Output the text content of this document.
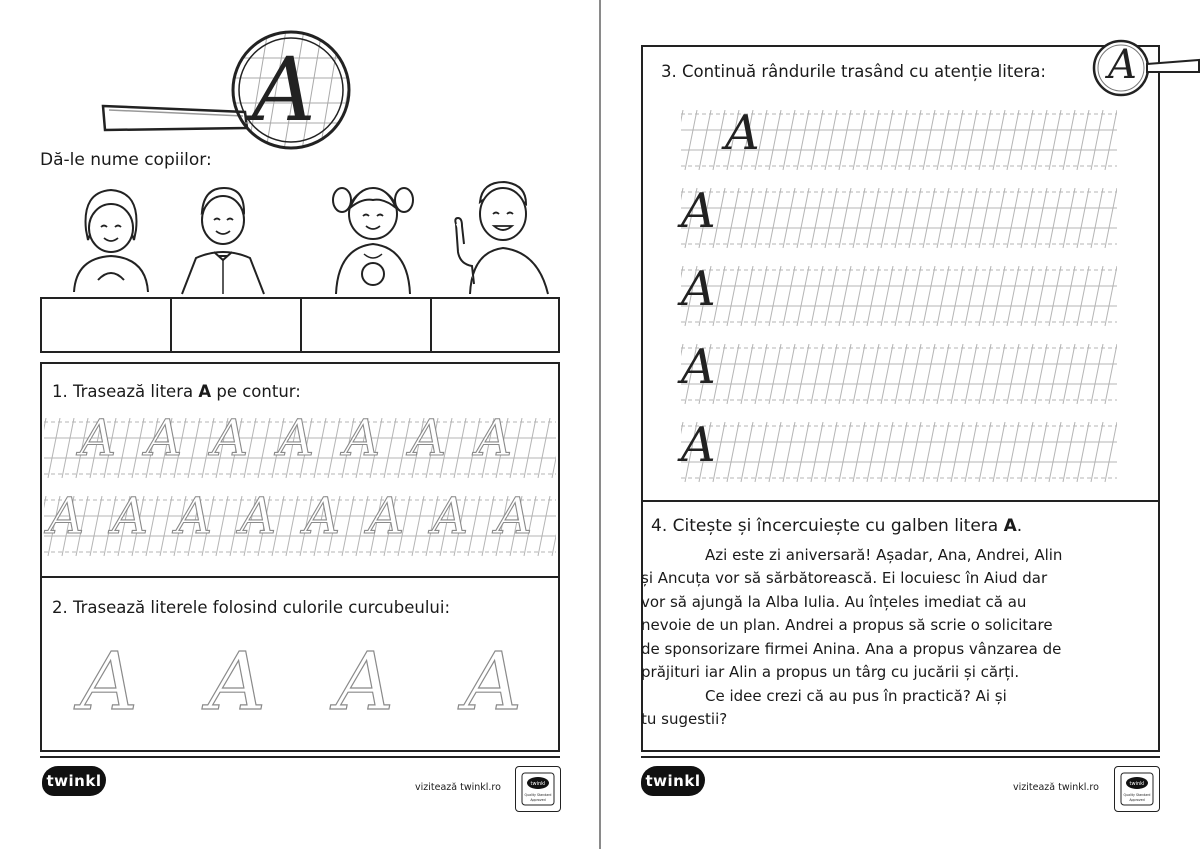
A
Dă-le nume copiilor:
1. Trasează litera A pe contur:
A A A A A A A
A A A A A A A A
2. Trasează literele folosind culorile curcubeului:
A A A A
twinkl	vizitează twinkl.ro	twinkl
Quality Standard
Approved
3. Continuă rândurile trasând cu atenție litera: A
A
A
A
A
A
4. Citește și încercuiește cu galben litera A.
Azi este zi aniversară! Așadar, Ana, Andrei, Alin
și Ancuța vor să sărbătorească. Ei locuiesc în Aiud dar
vor să ajungă la Alba Iulia. Au înțeles imediat că au
nevoie de un plan. Andrei a propus să scrie o solicitare
de sponsorizare firmei Anina. Ana a propus vânzarea de
prăjituri iar Alin a propus un târg cu jucării și cărți.
Ce idee crezi că au pus în practică? Ai și
tu sugestii?
twinkl	vizitează twinkl.ro	twinkl
Quality Standard
Approved
